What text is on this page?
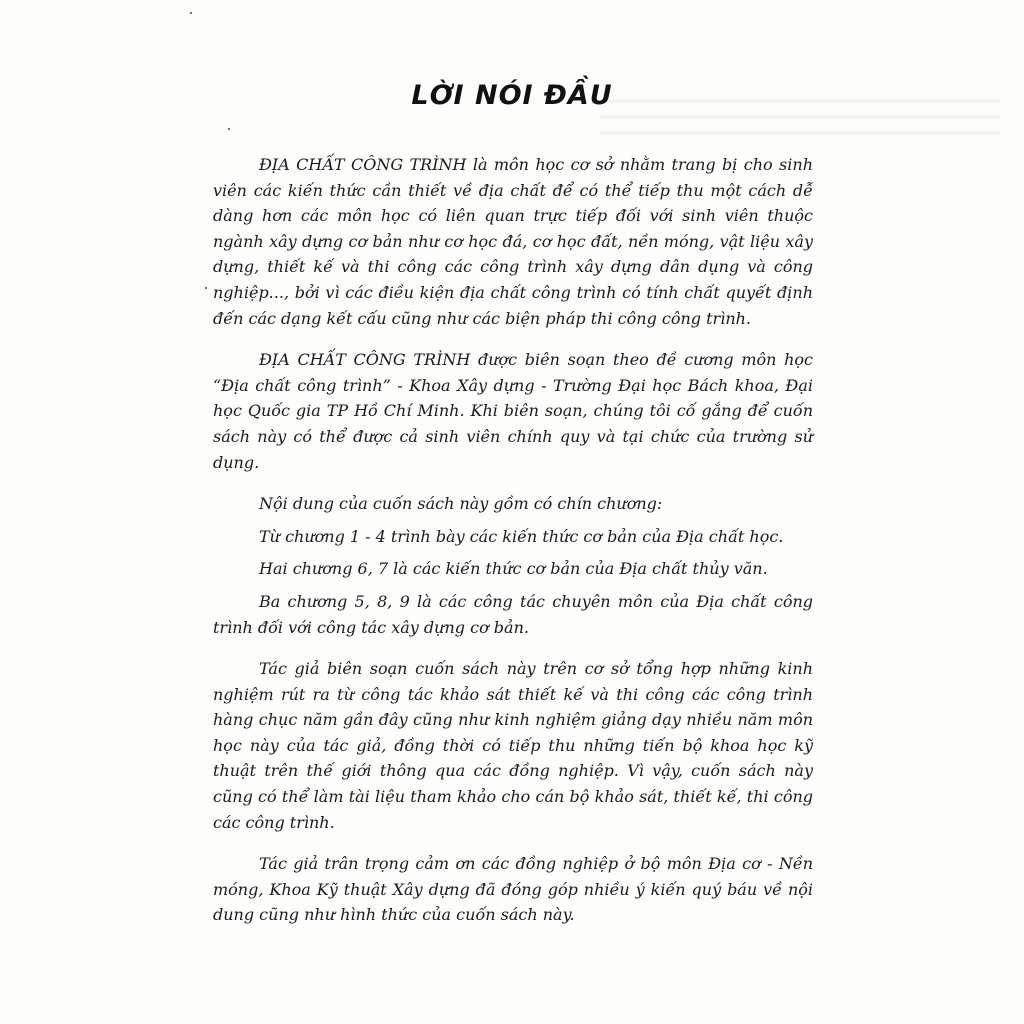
LỜI NÓI ĐẦU

ĐỊA CHẤT CÔNG TRÌNH là môn học cơ sở nhằm trang bị cho sinh viên các kiến thức cần thiết về địa chất để có thể tiếp thu một cách dễ dàng hơn các môn học có liên quan trực tiếp đối với sinh viên thuộc ngành xây dựng cơ bản như cơ học đá, cơ học đất, nền móng, vật liệu xây dựng, thiết kế và thi công các công trình xây dựng dân dụng và công nghiệp..., bởi vì các điều kiện địa chất công trình có tính chất quyết định đến các dạng kết cấu cũng như các biện pháp thi công công trình.

ĐỊA CHẤT CÔNG TRÌNH được biên soạn theo đề cương môn học “Địa chất công trình” - Khoa Xây dựng - Trường Đại học Bách khoa, Đại học Quốc gia TP Hồ Chí Minh. Khi biên soạn, chúng tôi cố gắng để cuốn sách này có thể được cả sinh viên chính quy và tại chức của trường sử dụng.

Nội dung của cuốn sách này gồm có chín chương:

Từ chương 1 - 4 trình bày các kiến thức cơ bản của Địa chất học.

Hai chương 6, 7 là các kiến thức cơ bản của Địa chất thủy văn.

Ba chương 5, 8, 9 là các công tác chuyên môn của Địa chất công trình đối với công tác xây dựng cơ bản.

Tác giả biên soạn cuốn sách này trên cơ sở tổng hợp những kinh nghiệm rút ra từ công tác khảo sát thiết kế và thi công các công trình hàng chục năm gần đây cũng như kinh nghiệm giảng dạy nhiều năm môn học này của tác giả, đồng thời có tiếp thu những tiến bộ khoa học kỹ thuật trên thế giới thông qua các đồng nghiệp. Vì vậy, cuốn sách này cũng có thể làm tài liệu tham khảo cho cán bộ khảo sát, thiết kế, thi công các công trình.

Tác giả trân trọng cảm ơn các đồng nghiệp ở bộ môn Địa cơ - Nền móng, Khoa Kỹ thuật Xây dựng đã đóng góp nhiều ý kiến quý báu về nội dung cũng như hình thức của cuốn sách này.
